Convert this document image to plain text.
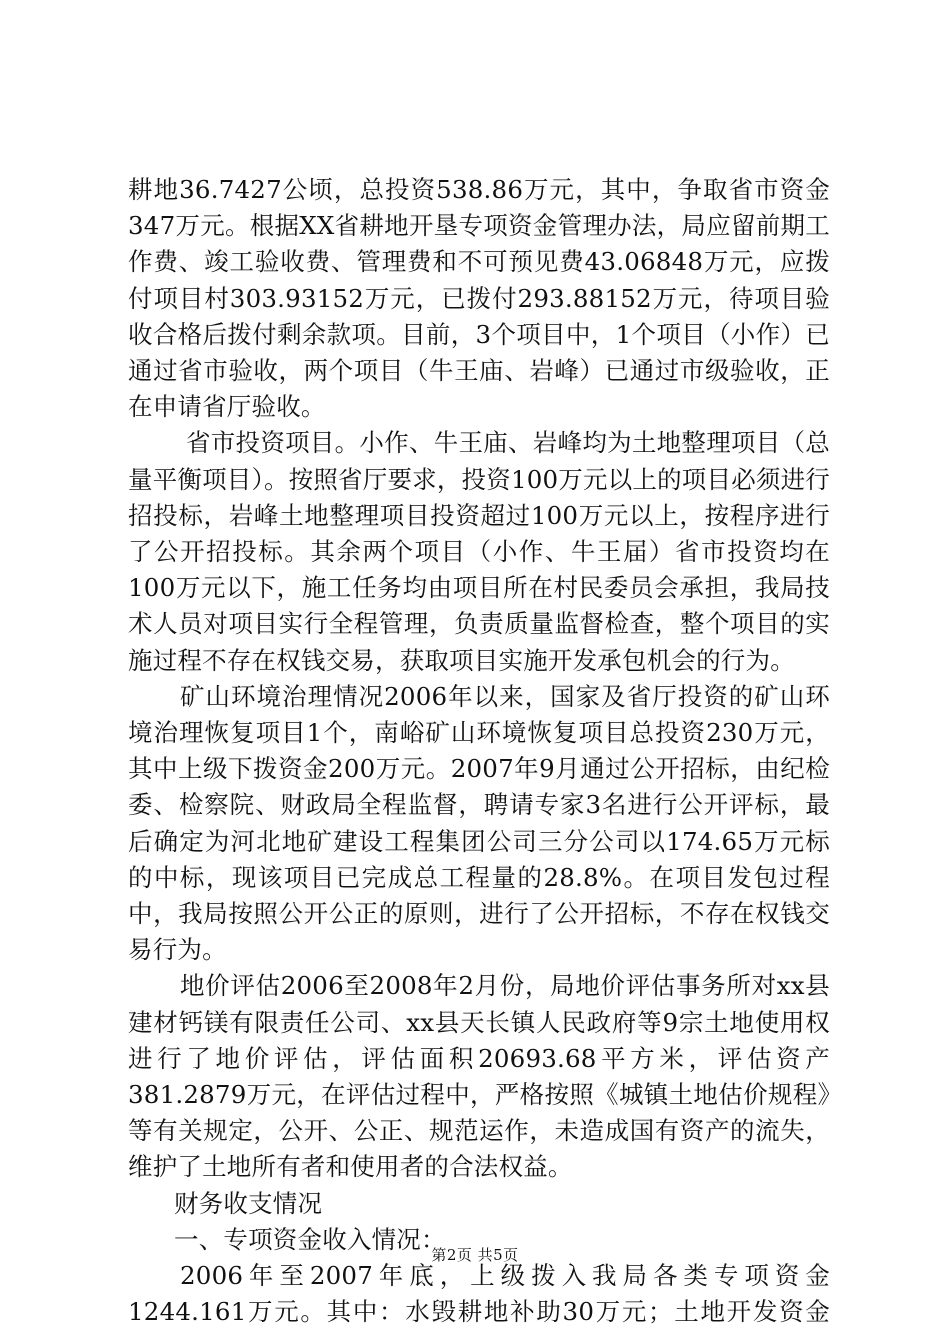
耕地36.7427公顷，总投资538.86万元，其中，争取省市资金347万元。根据XX省耕地开垦专项资金管理办法，局应留前期工作费、竣工验收费、管理费和不可预见费43.06848万元，应拨付项目村303.93152万元，已拨付293.88152万元，待项目验收合格后拨付剩余款项。目前，3个项目中，1个项目（小作）已通过省市验收，两个项目（牛王庙、岩峰）已通过市级验收，正在申请省厅验收。

省市投资项目。小作、牛王庙、岩峰均为土地整理项目（总量平衡项目）。按照省厅要求，投资100万元以上的项目必须进行招投标，岩峰土地整理项目投资超过100万元以上，按程序进行了公开招投标。其余两个项目（小作、牛王届）省市投资均在100万元以下，施工任务均由项目所在村民委员会承担，我局技术人员对项目实行全程管理，负责质量监督检查，整个项目的实施过程不存在权钱交易，获取项目实施开发承包机会的行为。

矿山环境治理情况2006年以来，国家及省厅投资的矿山环境治理恢复项目1个，南峪矿山环境恢复项目总投资230万元，其中上级下拨资金200万元。2007年9月通过公开招标，由纪检委、检察院、财政局全程监督，聘请专家3名进行公开评标，最后确定为河北地矿建设工程集团公司三分公司以174.65万元标的中标，现该项目已完成总工程量的28.8%。在项目发包过程中，我局按照公开公正的原则，进行了公开招标，不存在权钱交易行为。

地价评估2006至2008年2月份，局地价评估事务所对xx县建材钙镁有限责任公司、xx县天长镇人民政府等9宗土地使用权进行了地价评估，评估面积20693.68平方米，评估资产381.2879万元，在评估过程中，严格按照《城镇土地估价规程》等有关规定，公开、公正、规范运作，未造成国有资产的流失，维护了土地所有者和使用者的合法权益。

财务收支情况

一、专项资金收入情况：

2006年至2007年底，上级拨入我局各类专项资金1244.161万元。其中：水毁耕地补助30万元；土地开发资金

第2页 共5页
